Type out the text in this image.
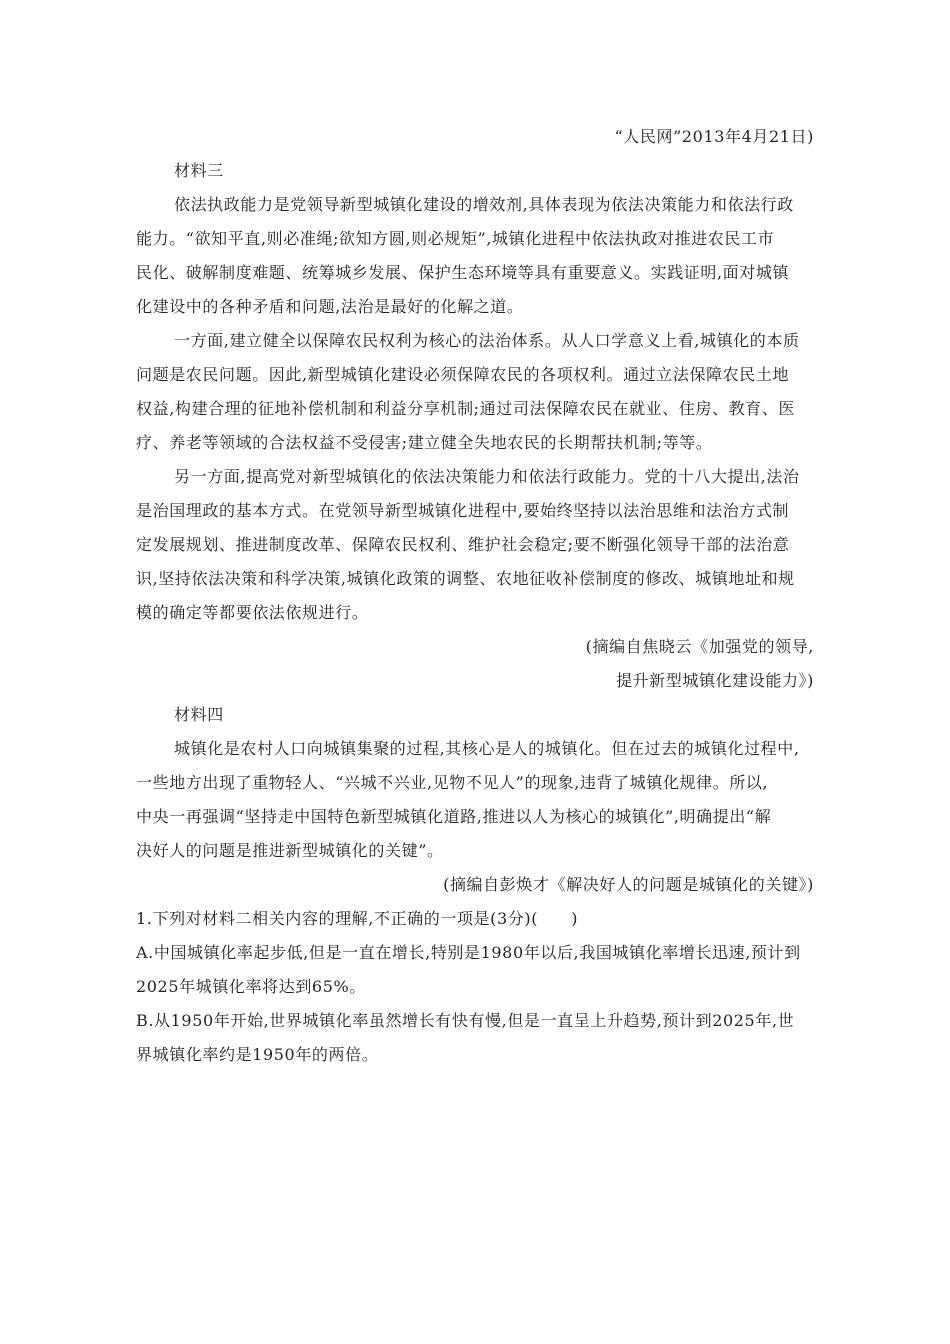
“人民网”2013年4月21日)
材料三
依法执政能力是党领导新型城镇化建设的增效剂,具体表现为依法决策能力和依法行政
能力。“欲知平直,则必准绳;欲知方圆,则必规矩”,城镇化进程中依法执政对推进农民工市
民化、破解制度难题、统筹城乡发展、保护生态环境等具有重要意义。实践证明,面对城镇
化建设中的各种矛盾和问题,法治是最好的化解之道。
一方面,建立健全以保障农民权利为核心的法治体系。从人口学意义上看,城镇化的本质
问题是农民问题。因此,新型城镇化建设必须保障农民的各项权利。通过立法保障农民土地
权益,构建合理的征地补偿机制和利益分享机制;通过司法保障农民在就业、住房、教育、医
疗、养老等领域的合法权益不受侵害;建立健全失地农民的长期帮扶机制;等等。
另一方面,提高党对新型城镇化的依法决策能力和依法行政能力。党的十八大提出,法治
是治国理政的基本方式。在党领导新型城镇化进程中,要始终坚持以法治思维和法治方式制
定发展规划、推进制度改革、保障农民权利、维护社会稳定;要不断强化领导干部的法治意
识,坚持依法决策和科学决策,城镇化政策的调整、农地征收补偿制度的修改、城镇地址和规
模的确定等都要依法依规进行。
(摘编自焦晓云《加强党的领导,
提升新型城镇化建设能力》)
材料四
城镇化是农村人口向城镇集聚的过程,其核心是人的城镇化。但在过去的城镇化过程中,
一些地方出现了重物轻人、“兴城不兴业,见物不见人”的现象,违背了城镇化规律。所以,
中央一再强调“坚持走中国特色新型城镇化道路,推进以人为核心的城镇化”,明确提出“解
决好人的问题是推进新型城镇化的关键”。
(摘编自彭焕才《解决好人的问题是城镇化的关键》)
1.下列对材料二相关内容的理解,不正确的一项是(3分)(　　)
A.中国城镇化率起步低,但是一直在增长,特别是1980年以后,我国城镇化率增长迅速,预计到
2025年城镇化率将达到65%。
B.从1950年开始,世界城镇化率虽然增长有快有慢,但是一直呈上升趋势,预计到2025年,世
界城镇化率约是1950年的两倍。
